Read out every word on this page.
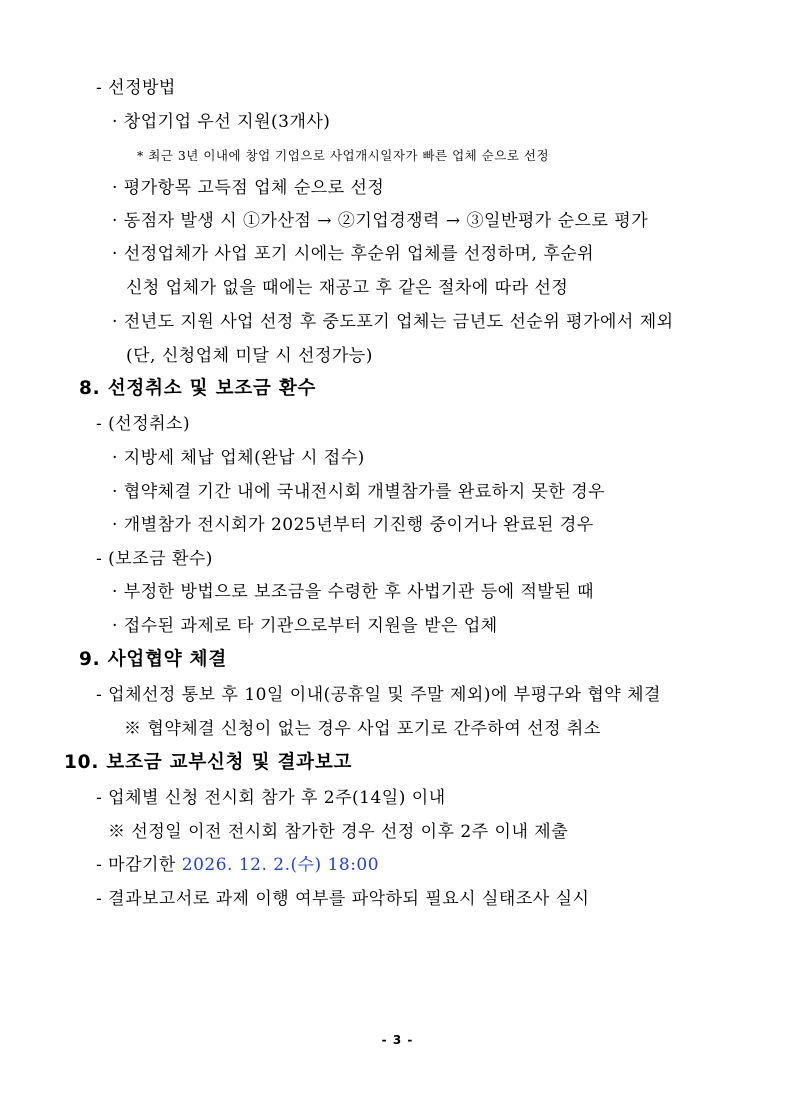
- 선정방법
· 창업기업 우선 지원(3개사)
* 최근 3년 이내에 창업 기업으로 사업개시일자가 빠른 업체 순으로 선정
· 평가항목 고득점 업체 순으로 선정
· 동점자 발생 시 ①가산점 → ②기업경쟁력 → ③일반평가 순으로 평가
· 선정업체가 사업 포기 시에는 후순위 업체를 선정하며, 후순위
신청 업체가 없을 때에는 재공고 후 같은 절차에 따라 선정
· 전년도 지원 사업 선정 후 중도포기 업체는 금년도 선순위 평가에서 제외
(단, 신청업체 미달 시 선정가능)
8. 선정취소 및 보조금 환수
- (선정취소)
· 지방세 체납 업체(완납 시 접수)
· 협약체결 기간 내에 국내전시회 개별참가를 완료하지 못한 경우
· 개별참가 전시회가 2025년부터 기진행 중이거나 완료된 경우
- (보조금 환수)
· 부정한 방법으로 보조금을 수령한 후 사법기관 등에 적발된 때
· 접수된 과제로 타 기관으로부터 지원을 받은 업체
9. 사업협약 체결
- 업체선정 통보 후 10일 이내(공휴일 및 주말 제외)에 부평구와 협약 체결
※ 협약체결 신청이 없는 경우 사업 포기로 간주하여 선정 취소
10. 보조금 교부신청 및 결과보고
- 업체별 신청 전시회 참가 후 2주(14일) 이내
※ 선정일 이전 전시회 참가한 경우 선정 이후 2주 이내 제출
- 마감기한 2026. 12. 2.(수) 18:00
- 결과보고서로 과제 이행 여부를 파악하되 필요시 실태조사 실시
- 3 -
